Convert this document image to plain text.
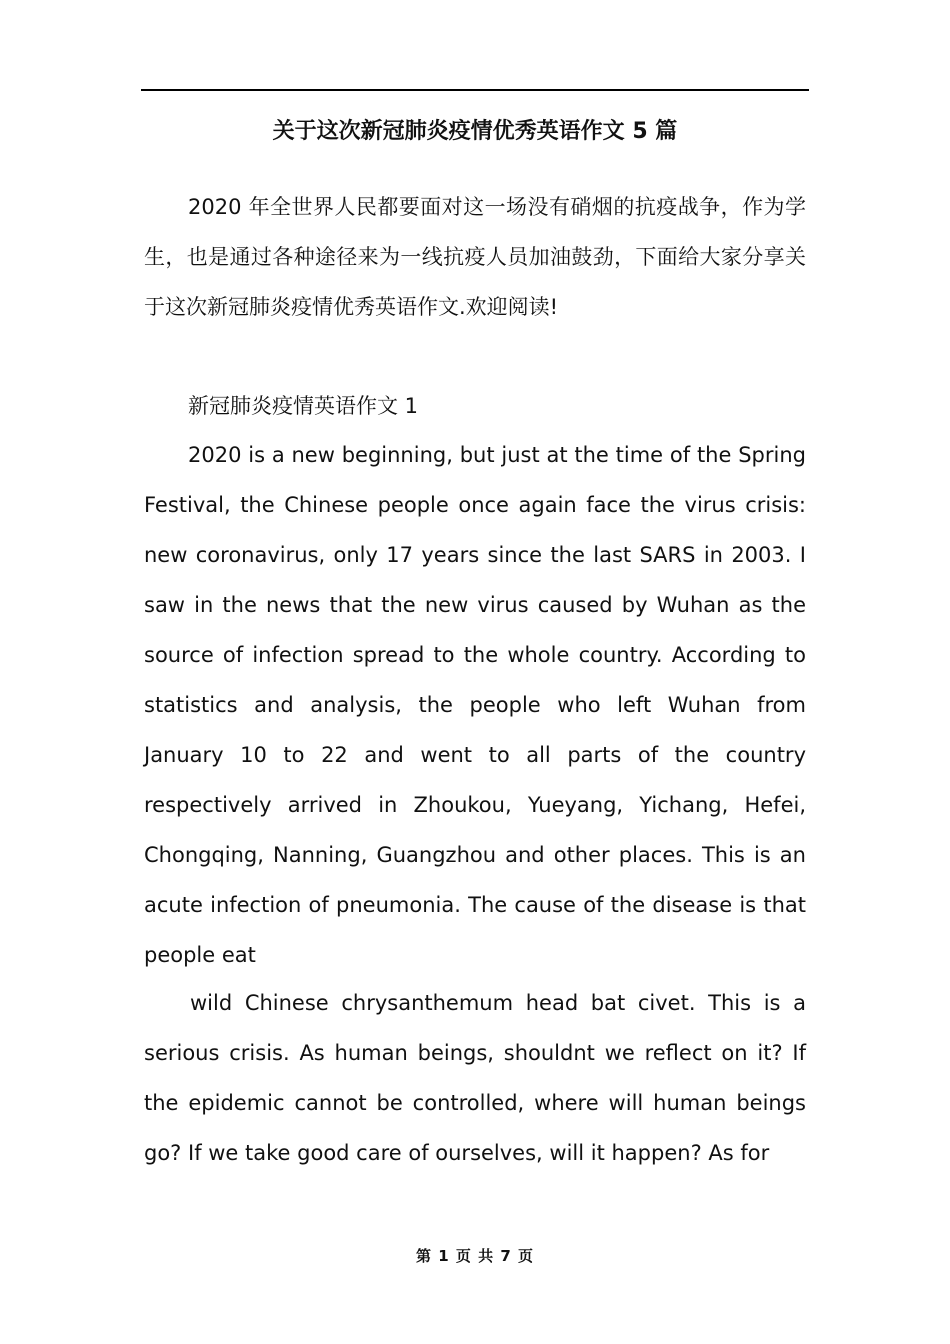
关于这次新冠肺炎疫情优秀英语作文 5 篇

2020 年全世界人民都要面对这一场没有硝烟的抗疫战争，作为学生，也是通过各种途径来为一线抗疫人员加油鼓劲，下面给大家分享关于这次新冠肺炎疫情优秀英语作文.欢迎阅读!

新冠肺炎疫情英语作文 1

2020 is a new beginning, but just at the time of the Spring Festival, the Chinese people once again face the virus crisis: new coronavirus, only 17 years since the last SARS in 2003. I saw in the news that the new virus caused by Wuhan as the source of infection spread to the whole country. According to statistics and analysis, the people who left Wuhan from January 10 to 22 and went to all parts of the country respectively arrived in Zhoukou, Yueyang, Yichang, Hefei, Chongqing, Nanning, Guangzhou and other places. This is an acute infection of pneumonia. The cause of the disease is that people eat

wild Chinese chrysanthemum head bat civet. This is a serious crisis. As human beings, shouldnt we reflect on it? If the epidemic cannot be controlled, where will human beings go? If we take good care of ourselves, will it happen? As for

第 1 页 共 7 页
